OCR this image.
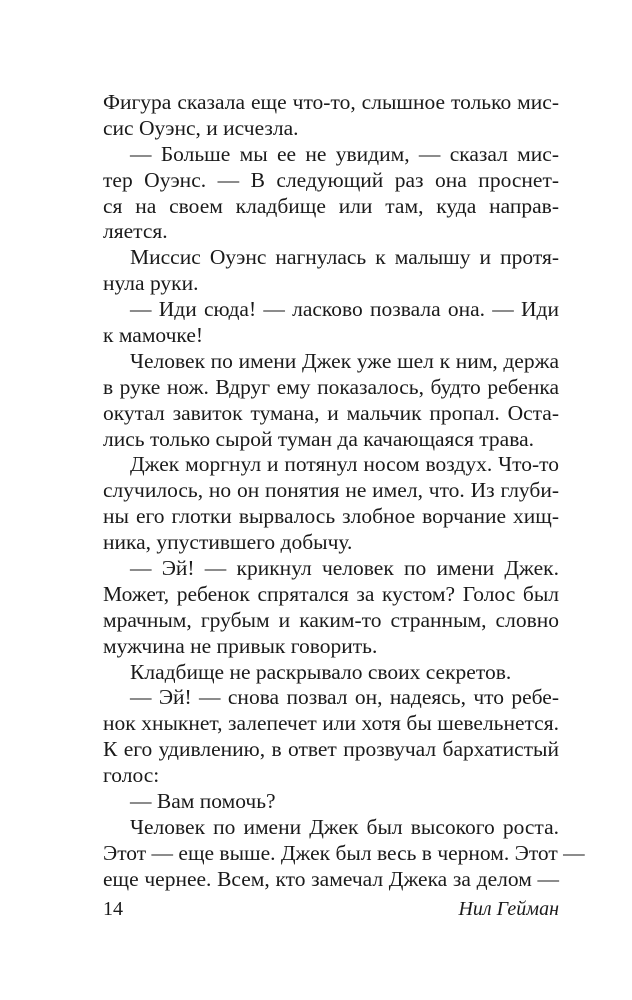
Фигура сказала еще что-то, слышное только мис-
сис Оуэнс, и исчезла.
— Больше мы ее не увидим, — сказал мис-
тер Оуэнс. — В следующий раз она проснет-
ся на своем кладбище или там, куда направ-
ляется.
Миссис Оуэнс нагнулась к малышу и протя-
нула руки.
— Иди сюда! — ласково позвала она. — Иди
к мамочке!
Человек по имени Джек уже шел к ним, держа
в руке нож. Вдруг ему показалось, будто ребенка
окутал завиток тумана, и мальчик пропал. Оста-
лись только сырой туман да качающаяся трава.
Джек моргнул и потянул носом воздух. Что-то
случилось, но он понятия не имел, что. Из глуби-
ны его глотки вырвалось злобное ворчание хищ-
ника, упустившего добычу.
— Эй! — крикнул человек по имени Джек.
Может, ребенок спрятался за кустом? Голос был
мрачным, грубым и каким-то странным, словно
мужчина не привык говорить.
Кладбище не раскрывало своих секретов.
— Эй! — снова позвал он, надеясь, что ребе-
нок хныкнет, залепечет или хотя бы шевельнется.
К его удивлению, в ответ прозвучал бархатистый
голос:
— Вам помочь?
Человек по имени Джек был высокого роста.
Этот — еще выше. Джек был весь в черном. Этот —
еще чернее. Всем, кто замечал Джека за делом —
14	Нил Гейман
